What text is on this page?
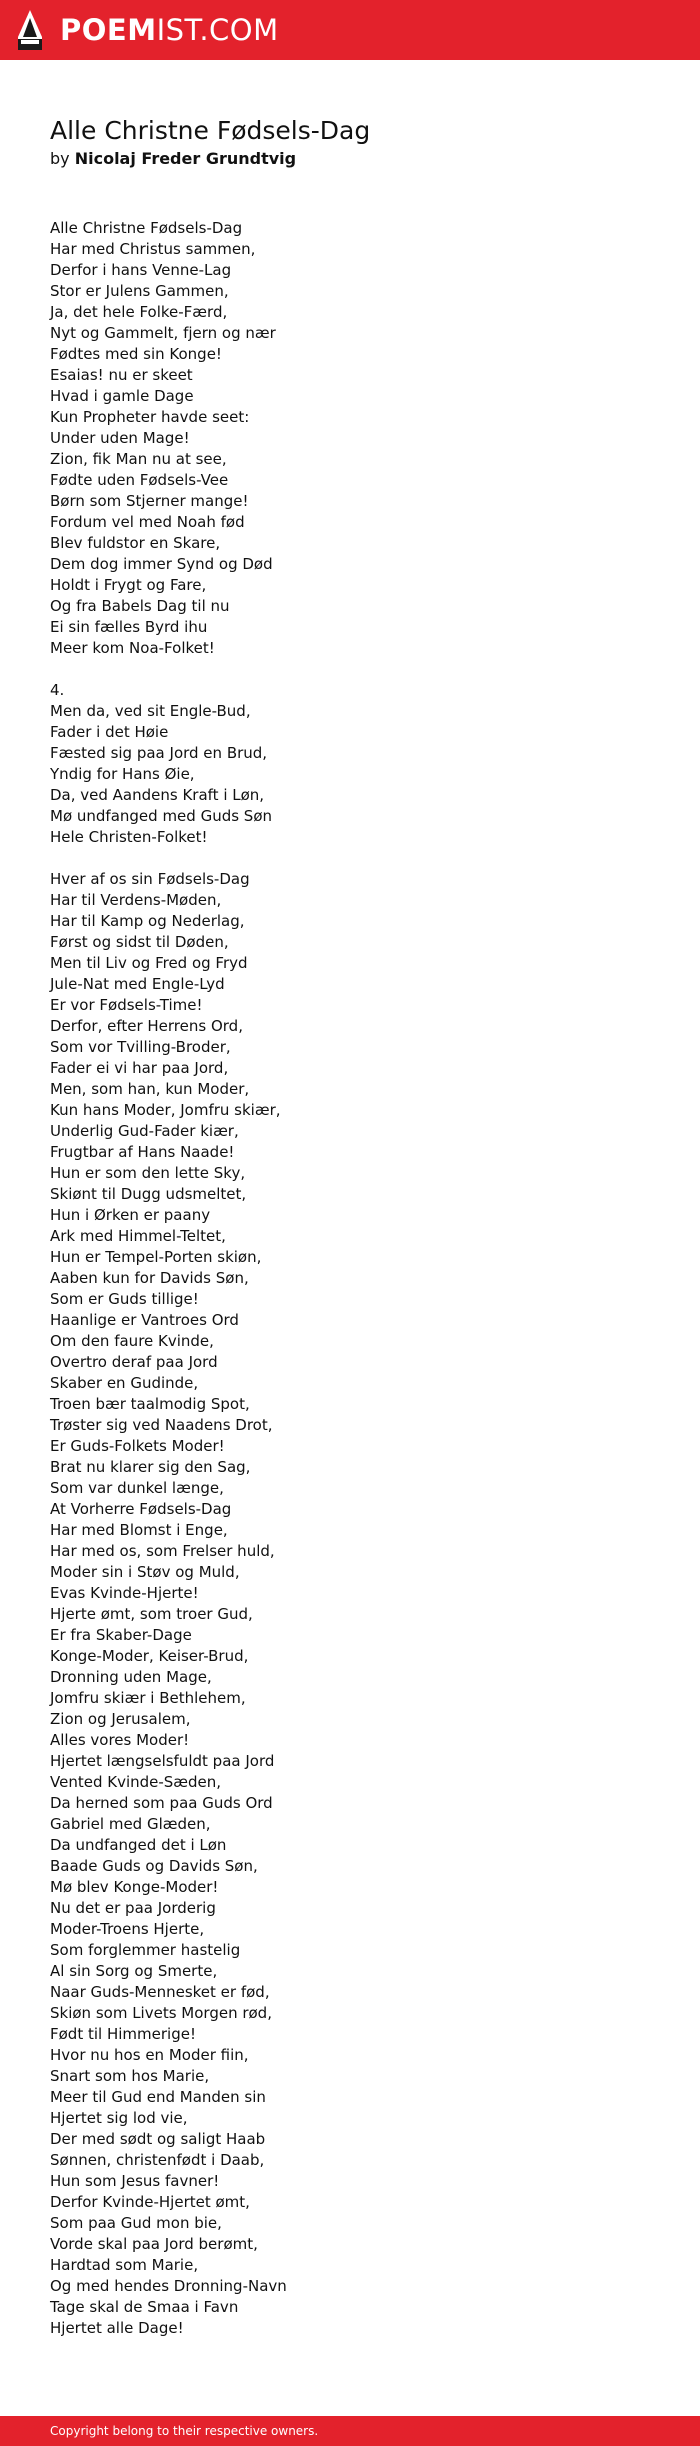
POEMIST.COM
Alle Christne Fødsels-Dag
by Nicolaj Freder Grundtvig
Alle Christne Fødsels-Dag
Har med Christus sammen,
Derfor i hans Venne-Lag
Stor er Julens Gammen,
Ja, det hele Folke-Færd,
Nyt og Gammelt, fjern og nær
Fødtes med sin Konge!
Esaias! nu er skeet
Hvad i gamle Dage
Kun Propheter havde seet:
Under uden Mage!
Zion, fik Man nu at see,
Fødte uden Fødsels-Vee
Børn som Stjerner mange!
Fordum vel med Noah fød
Blev fuldstor en Skare,
Dem dog immer Synd og Død
Holdt i Frygt og Fare,
Og fra Babels Dag til nu
Ei sin fælles Byrd ihu
Meer kom Noa-Folket!
4.
Men da, ved sit Engle-Bud,
Fader i det Høie
Fæsted sig paa Jord en Brud,
Yndig for Hans Øie,
Da, ved Aandens Kraft i Løn,
Mø undfanged med Guds Søn
Hele Christen-Folket!
Hver af os sin Fødsels-Dag
Har til Verdens-Møden,
Har til Kamp og Nederlag,
Først og sidst til Døden,
Men til Liv og Fred og Fryd
Jule-Nat med Engle-Lyd
Er vor Fødsels-Time!
Derfor, efter Herrens Ord,
Som vor Tvilling-Broder,
Fader ei vi har paa Jord,
Men, som han, kun Moder,
Kun hans Moder, Jomfru skiær,
Underlig Gud-Fader kiær,
Frugtbar af Hans Naade!
Hun er som den lette Sky,
Skiønt til Dugg udsmeltet,
Hun i Ørken er paany
Ark med Himmel-Teltet,
Hun er Tempel-Porten skiøn,
Aaben kun for Davids Søn,
Som er Guds tillige!
Haanlige er Vantroes Ord
Om den faure Kvinde,
Overtro deraf paa Jord
Skaber en Gudinde,
Troen bær taalmodig Spot,
Trøster sig ved Naadens Drot,
Er Guds-Folkets Moder!
Brat nu klarer sig den Sag,
Som var dunkel længe,
At Vorherre Fødsels-Dag
Har med Blomst i Enge,
Har med os, som Frelser huld,
Moder sin i Støv og Muld,
Evas Kvinde-Hjerte!
Hjerte ømt, som troer Gud,
Er fra Skaber-Dage
Konge-Moder, Keiser-Brud,
Dronning uden Mage,
Jomfru skiær i Bethlehem,
Zion og Jerusalem,
Alles vores Moder!
Hjertet længselsfuldt paa Jord
Vented Kvinde-Sæden,
Da herned som paa Guds Ord
Gabriel med Glæden,
Da undfanged det i Løn
Baade Guds og Davids Søn,
Mø blev Konge-Moder!
Nu det er paa Jorderig
Moder-Troens Hjerte,
Som forglemmer hastelig
Al sin Sorg og Smerte,
Naar Guds-Mennesket er fød,
Skiøn som Livets Morgen rød,
Født til Himmerige!
Hvor nu hos en Moder fiin,
Snart som hos Marie,
Meer til Gud end Manden sin
Hjertet sig lod vie,
Der med sødt og saligt Haab
Sønnen, christenfødt i Daab,
Hun som Jesus favner!
Derfor Kvinde-Hjertet ømt,
Som paa Gud mon bie,
Vorde skal paa Jord berømt,
Hardtad som Marie,
Og med hendes Dronning-Navn
Tage skal de Smaa i Favn
Hjertet alle Dage!
Copyright belong to their respective owners.
